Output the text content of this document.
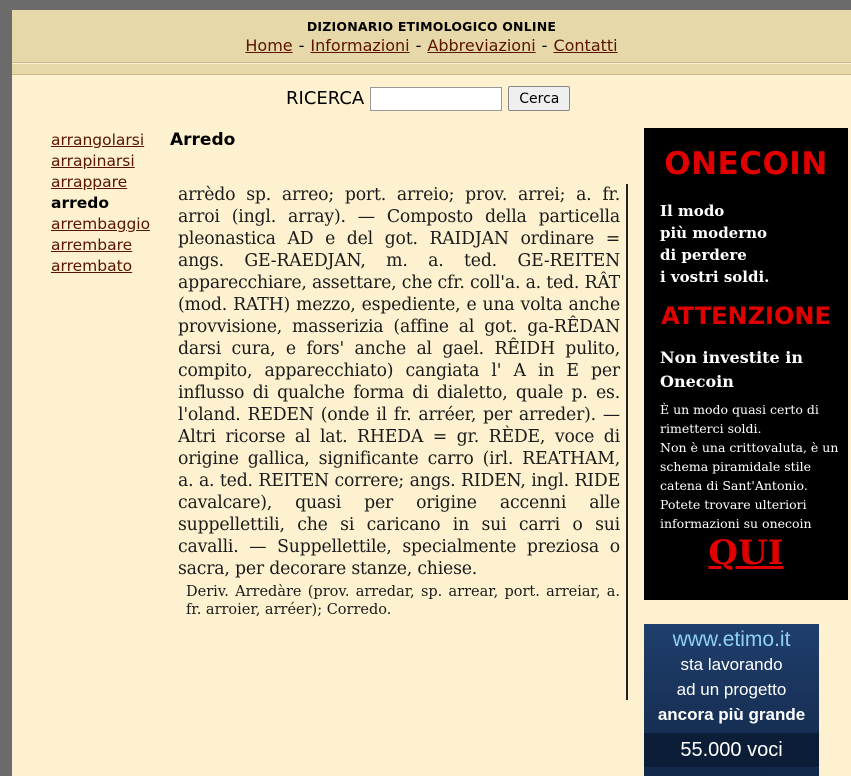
DIZIONARIO ETIMOLOGICO ONLINE
Home - Informazioni - Abbreviazioni - Contatti
RICERCA	Cerca
arrangolarsi
arrapinarsi
arrappare
arredo
arrembaggio
arrembare
arrembato
Arredo
arrèdo sp. arreo; port. arreio; prov. arrei; a. fr. arroi (ingl. array). — Composto della particella pleonastica AD e del got. RAIDJAN ordinare = angs. GE-RAEDJAN, m. a. ted. GE-REITEN apparecchiare, assettare, che cfr. coll'a. a. ted. RÂT (mod. RATH) mezzo, espediente, e una volta anche provvisione, masserizia (affine al got. ga-RÊDAN darsi cura, e fors' anche al gael. RÊIDH pulito, compito, apparecchiato) cangiata l' A in E per influsso di qualche forma di dialetto, quale p. es. l'oland. REDEN (onde il fr. arréer, per arreder). — Altri ricorse al lat. RHEDA = gr. RÈDE, voce di origine gallica, significante carro (irl. REATHAM, a. a. ted. REITEN correre; angs. RIDEN, ingl. RIDE cavalcare), quasi per origine accenni alle suppellettili, che si caricano in sui carri o sui cavalli. — Suppellettile, specialmente preziosa o sacra, per decorare stanze, chiese.
Deriv. Arredàre (prov. arredar, sp. arrear, port. arreiar, a. fr. arroier, arréer); Corredo.
ONECOIN
Il modo
più moderno
di perdere
i vostri soldi.
ATTENZIONE
Non investite in
Onecoin
È un modo quasi certo di
rimetterci soldi.
Non è una crittovaluta, è un
schema piramidale stile
catena di Sant'Antonio.
Potete trovare ulteriori
informazioni su onecoin
QUI
www.etimo.it
sta lavorando
ad un progetto
ancora più grande
55.000 voci
